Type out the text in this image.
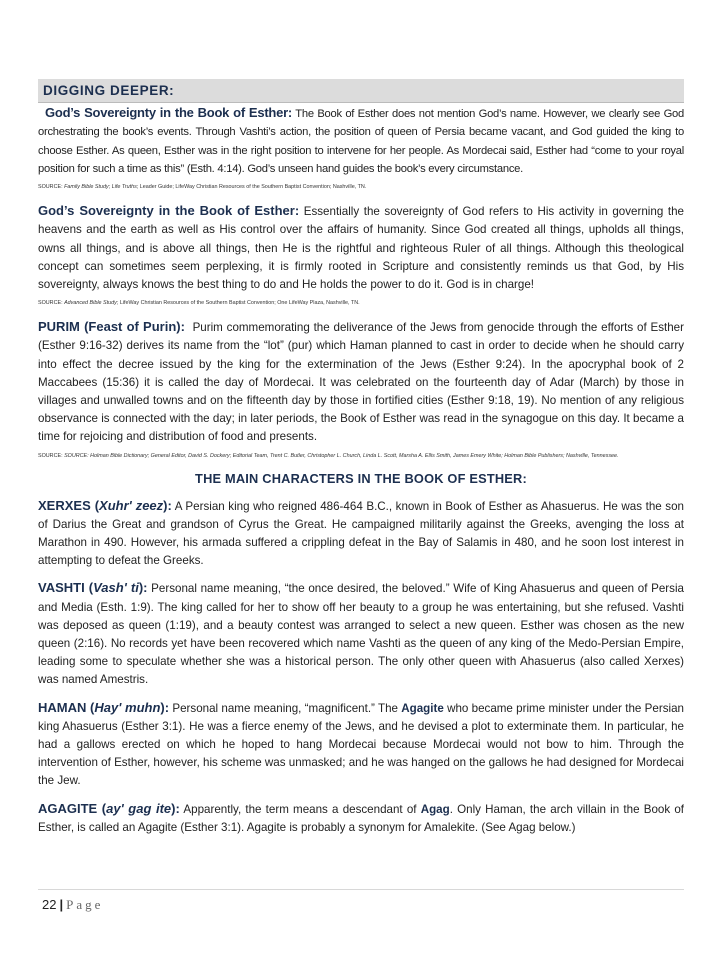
DIGGING DEEPER:

God’s Sovereignty in the Book of Esther: The Book of Esther does not mention God’s name. However, we clearly see God orchestrating the book’s events. Through Vashti’s action, the position of queen of Persia became vacant, and God guided the king to choose Esther. As queen, Esther was in the right position to intervene for her people. As Mordecai said, Esther had “come to your royal position for such a time as this” (Esth. 4:14). God’s unseen hand guides the book’s every circumstance.

SOURCE: Family Bible Study; Life Truths; Leader Guide; LifeWay Christian Resources of the Southern Baptist Convention; Nashville, TN.

God’s Sovereignty in the Book of Esther: Essentially the sovereignty of God refers to His activity in governing the heavens and the earth as well as His control over the affairs of humanity. Since God created all things, upholds all things, owns all things, and is above all things, then He is the rightful and righteous Ruler of all things. Although this theological concept can sometimes seem perplexing, it is firmly rooted in Scripture and consistently reminds us that God, by His sovereignty, always knows the best thing to do and He holds the power to do it. God is in charge!

SOURCE: Advanced Bible Study; LifeWay Christian Resources of the Southern Baptist Convention; One LifeWay Plaza, Nashville, TN.

PURIM (Feast of Purin): Purim commemorating the deliverance of the Jews from genocide through the efforts of Esther (Esther 9:16-32) derives its name from the “lot” (pur) which Haman planned to cast in order to decide when he should carry into effect the decree issued by the king for the extermination of the Jews (Esther 9:24). In the apocryphal book of 2 Maccabees (15:36) it is called the day of Mordecai. It was celebrated on the fourteenth day of Adar (March) by those in villages and unwalled towns and on the fifteenth day by those in fortified cities (Esther 9:18, 19). No mention of any religious observance is connected with the day; in later periods, the Book of Esther was read in the synagogue on this day. It became a time for rejoicing and distribution of food and presents.

SOURCE: SOURCE: Holman Bible Dictionary; General Editor, David S. Dockery; Editorial Team, Trent C. Butler, Christopher L. Church, Linda L. Scott, Marsha A. Ellis Smith, James Emery White; Holman Bible Publishers; Nashville, Tennessee.
THE MAIN CHARACTERS IN THE BOOK OF ESTHER:

XERXES (Xuhr' zeez): A Persian king who reigned 486-464 B.C., known in Book of Esther as Ahasuerus. He was the son of Darius the Great and grandson of Cyrus the Great. He campaigned militarily against the Greeks, avenging the loss at Marathon in 490. However, his armada suffered a crippling defeat in the Bay of Salamis in 480, and he soon lost interest in attempting to defeat the Greeks.

VASHTI (Vash' ti): Personal name meaning, “the once desired, the beloved.” Wife of King Ahasuerus and queen of Persia and Media (Esth. 1:9). The king called for her to show off her beauty to a group he was entertaining, but she refused. Vashti was deposed as queen (1:19), and a beauty contest was arranged to select a new queen. Esther was chosen as the new queen (2:16). No records yet have been recovered which name Vashti as the queen of any king of the Medo-Persian Empire, leading some to speculate whether she was a historical person. The only other queen with Ahasuerus (also called Xerxes) was named Amestris.

HAMAN (Hay' muhn): Personal name meaning, “magnificent.” The Agagite who became prime minister under the Persian king Ahasuerus (Esther 3:1). He was a fierce enemy of the Jews, and he devised a plot to exterminate them. In particular, he had a gallows erected on which he hoped to hang Mordecai because Mordecai would not bow to him. Through the intervention of Esther, however, his scheme was unmasked; and he was hanged on the gallows he had designed for Mordecai the Jew.

AGAGITE (ay' gag ite): Apparently, the term means a descendant of Agag. Only Haman, the arch villain in the Book of Esther, is called an Agagite (Esther 3:1). Agagite is probably a synonym for Amalekite. (See Agag below.)

22 | Page
